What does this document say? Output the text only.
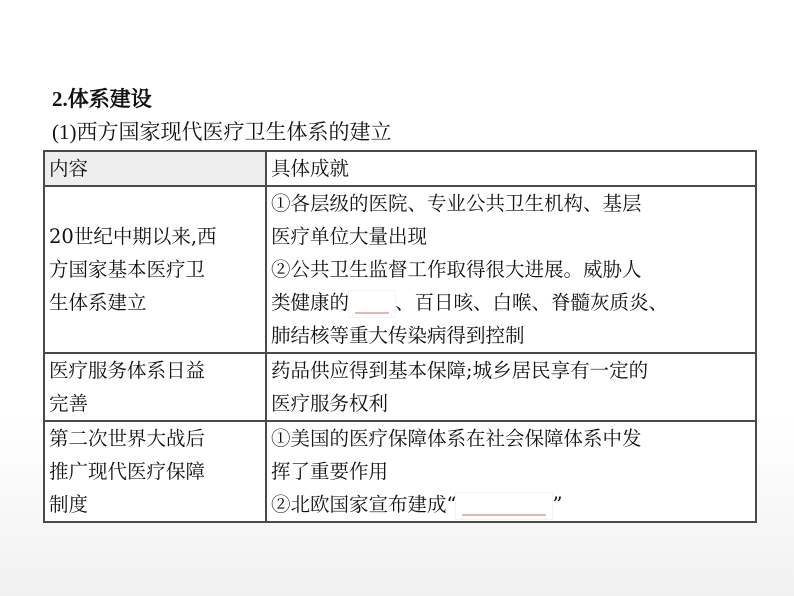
2.体系建设
(1)西方国家现代医疗卫生体系的建立
内容	具体成就

20世纪中期以来,西
方国家基本医疗卫
生体系建立	①各层级的医院、专业公共卫生机构、基层
医疗单位大量出现
②公共卫生监督工作取得很大进展。威胁人
类健康的 、百日咳、白喉、脊髓灰质炎、
肺结核等重大传染病得到控制

医疗服务体系日益
完善	药品供应得到基本保障;城乡居民享有一定的
医疗服务权利

第二次世界大战后
推广现代医疗保障
制度	①美国的医疗保障体系在社会保障体系中发
挥了重要作用
②北欧国家宣布建成“ ”
